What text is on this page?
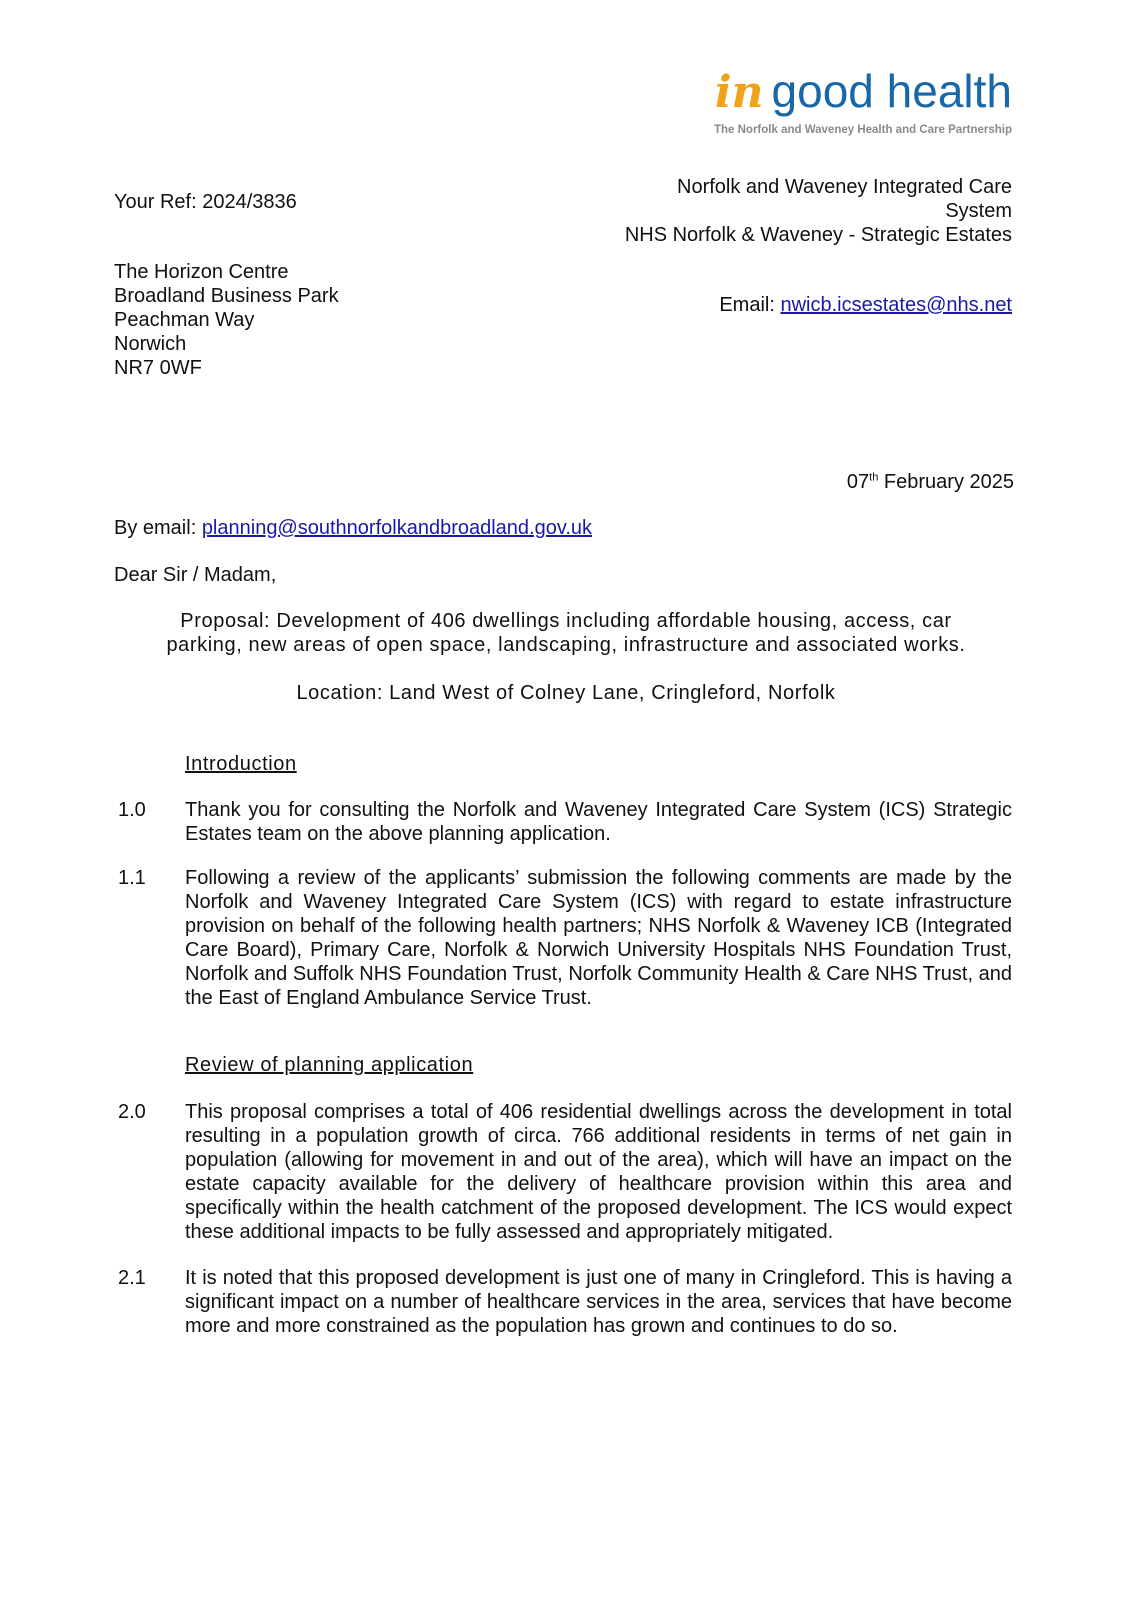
in good health
The Norfolk and Waveney Health and Care Partnership
Your Ref: 2024/3836
Norfolk and Waveney Integrated Care
System
NHS Norfolk & Waveney - Strategic Estates
Email: nwicb.icsestates@nhs.net
The Horizon Centre
Broadland Business Park
Peachman Way
Norwich
NR7 0WF
07th February 2025
By email: planning@southnorfolkandbroadland.gov.uk
Dear Sir / Madam,
Proposal: Development of 406 dwellings including affordable housing, access, car
parking, new areas of open space, landscaping, infrastructure and associated works.
Location: Land West of Colney Lane, Cringleford, Norfolk
Introduction
1.0 Thank you for consulting the Norfolk and Waveney Integrated Care System (ICS) Strategic Estates team on the above planning application.
1.1 Following a review of the applicants’ submission the following comments are made by the Norfolk and Waveney Integrated Care System (ICS) with regard to estate infrastructure provision on behalf of the following health partners; NHS Norfolk & Waveney ICB (Integrated Care Board), Primary Care, Norfolk & Norwich University Hospitals NHS Foundation Trust, Norfolk and Suffolk NHS Foundation Trust, Norfolk Community Health & Care NHS Trust, and the East of England Ambulance Service Trust.
Review of planning application
2.0 This proposal comprises a total of 406 residential dwellings across the development in total resulting in a population growth of circa. 766 additional residents in terms of net gain in population (allowing for movement in and out of the area), which will have an impact on the estate capacity available for the delivery of healthcare provision within this area and specifically within the health catchment of the proposed development. The ICS would expect these additional impacts to be fully assessed and appropriately mitigated.
2.1 It is noted that this proposed development is just one of many in Cringleford. This is having a significant impact on a number of healthcare services in the area, services that have become more and more constrained as the population has grown and continues to do so.
